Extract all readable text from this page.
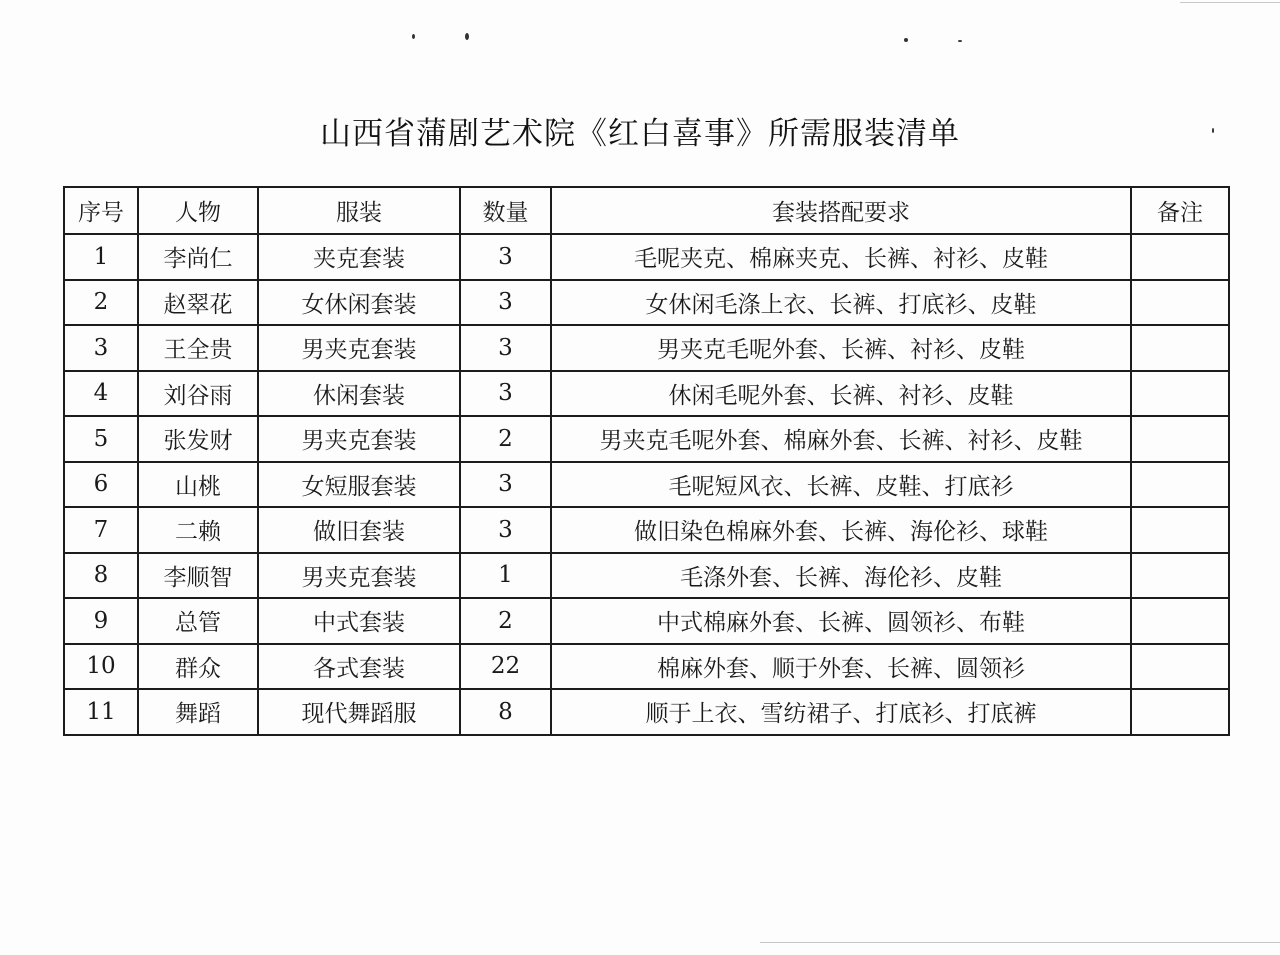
山西省蒲剧艺术院《红白喜事》所需服装清单
序号	人物	服装	数量	套装搭配要求	备注
1	李尚仁	夹克套装	3	毛呢夹克、棉麻夹克、长裤、衬衫、皮鞋	
2	赵翠花	女休闲套装	3	女休闲毛涤上衣、长裤、打底衫、皮鞋	
3	王全贵	男夹克套装	3	男夹克毛呢外套、长裤、衬衫、皮鞋	
4	刘谷雨	休闲套装	3	休闲毛呢外套、长裤、衬衫、皮鞋	
5	张发财	男夹克套装	2	男夹克毛呢外套、棉麻外套、长裤、衬衫、皮鞋	
6	山桃	女短服套装	3	毛呢短风衣、长裤、皮鞋、打底衫	
7	二赖	做旧套装	3	做旧染色棉麻外套、长裤、海伦衫、球鞋	
8	李顺智	男夹克套装	1	毛涤外套、长裤、海伦衫、皮鞋	
9	总管	中式套装	2	中式棉麻外套、长裤、圆领衫、布鞋	
10	群众	各式套装	22	棉麻外套、顺于外套、长裤、圆领衫	
11	舞蹈	现代舞蹈服	8	顺于上衣、雪纺裙子、打底衫、打底裤	
